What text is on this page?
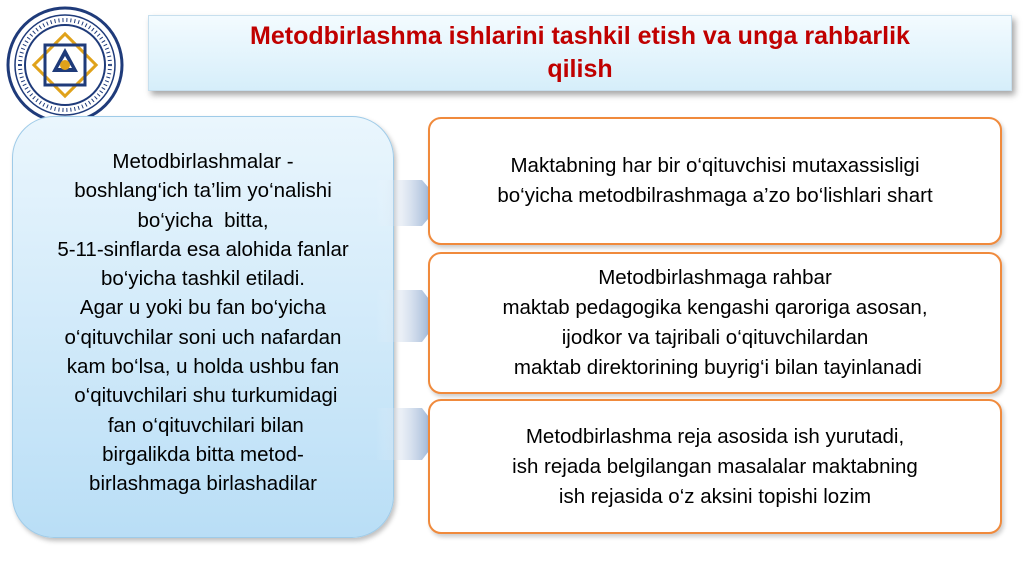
Metodbirlashma ishlarini tashkil etish va unga rahbarlik
qilish
Metodbirlashmalar -
boshlang‘ich ta’lim yo‘nalishi
bo‘yicha  bitta,
5-11-sinflarda esa alohida fanlar
bo‘yicha tashkil etiladi.
Agar u yoki bu fan bo‘yicha
o‘qituvchilar soni uch nafardan
kam bo‘lsa, u holda ushbu fan
o‘qituvchilari shu turkumidagi
fan o‘qituvchilari bilan
birgalikda bitta metod-
birlashmaga birlashadilar
Maktabning har bir o‘qituvchisi mutaxassisligi
bo‘yicha metodbilrashmaga a’zo bo‘lishlari shart
Metodbirlashmaga rahbar
maktab pedagogika kengashi qaroriga asosan,
ijodkor va tajribali o‘qituvchilardan
maktab direktorining buyrig‘i bilan tayinlanadi
Metodbirlashma reja asosida ish yurutadi,
ish rejada belgilangan masalalar maktabning
ish rejasida o‘z aksini topishi lozim
